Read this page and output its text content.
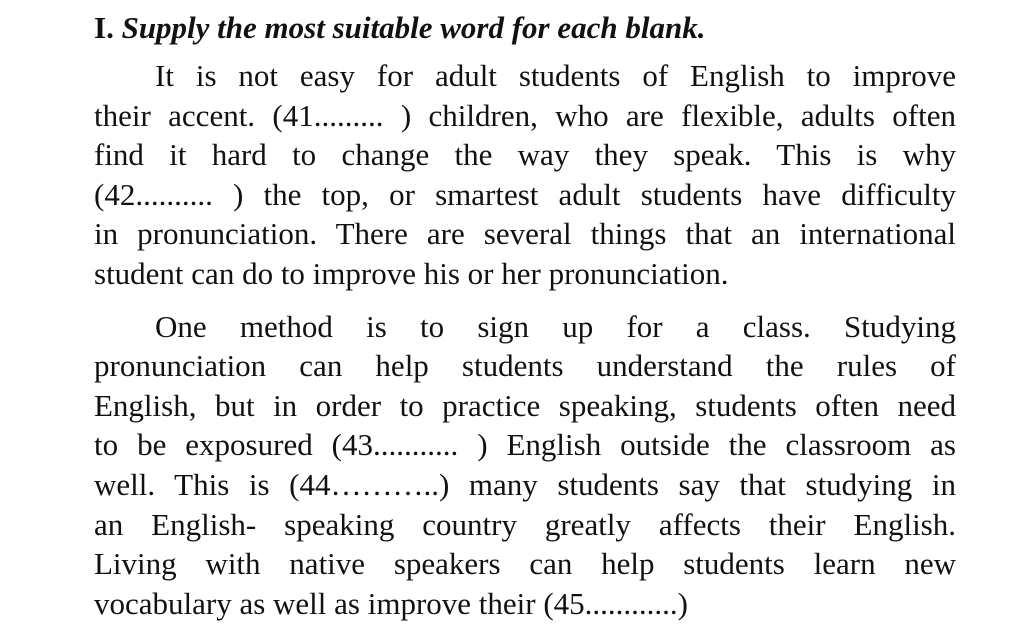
I. Supply the most suitable word for each blank.
It is not easy for adult students of English to improve
their accent. (41......... ) children, who are flexible, adults often
find it hard to change the way they speak. This is why
(42.......... ) the top, or smartest adult students have difficulty
in pronunciation. There are several things that an international
student can do to improve his or her pronunciation.
One method is to sign up for a class. Studying
pronunciation can help students understand the rules of
English, but in order to practice speaking, students often need
to be exposured (43........... ) English outside the classroom as
well. This is (44………..) many students say that studying in
an English- speaking country greatly affects their English.
Living with native speakers can help students learn new
vocabulary as well as improve their (45............)
